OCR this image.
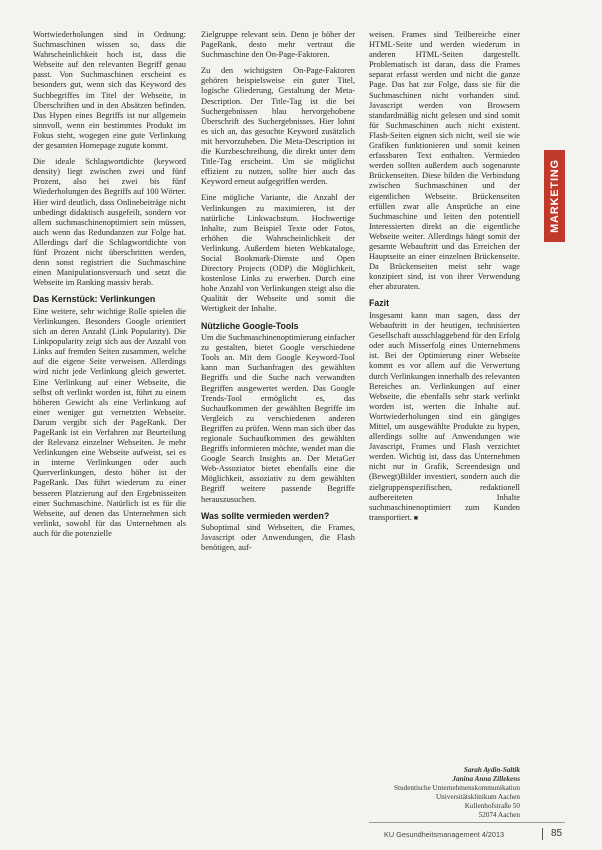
Wortwiederholungen sind in Ordnung: Suchmaschinen wissen so, dass die Wahrscheinlichkeit hoch ist, dass die Webseite auf den relevanten Begriff genau passt. Von Suchmaschinen erscheint es besonders gut, wenn sich das Keyword des Suchbegriffes im Titel der Webseite, in Überschriften und in den Absätzen befinden. Das Hypen eines Begriffs ist nur allgemein sinnvoll, wenn ein bestimmtes Produkt im Fokus steht, wogegen eine gute Verlinkung der gesamten Homepage zugute kommt.

Die ideale Schlagwortdichte (keyword density) liegt zwischen zwei und fünf Prozent, also bei zwei bis fünf Wiederholungen des Begriffs auf 100 Wörter. Hier wird deutlich, dass Onlinebeiträge nicht unbedingt didaktisch ausgefeilt, sondern vor allem suchmaschinenoptimiert sein müssen, auch wenn das Redundanzen zur Folge hat. Allerdings darf die Schlagwortdichte von fünf Prozent nicht überschritten werden, denn sonst registriert die Suchmaschine einen Manipulationsversuch und setzt die Webseite im Ranking massiv herab.

Das Kernstück: Verlinkungen

Eine weitere, sehr wichtige Rolle spielen die Verlinkungen. Besonders Google orientiert sich an deren Anzahl (Link Popularity). Die Linkpopularity zeigt sich aus der Anzahl von Links auf fremden Seiten zusammen, welche auf die eigene Seite verweisen. Allerdings wird nicht jede Verlinkung gleich gewertet. Eine Verlinkung auf einer Webseite, die selbst oft verlinkt worden ist, führt zu einem höheren Gewicht als eine Verlinkung auf einer weniger gut vernetzten Webseite. Darum vergibt sich der PageRank. Der PageRank ist ein Verfahren zur Beurteilung der Relevanz einzelner Webseiten. Je mehr Verlinkungen eine Webseite aufweist, sei es in interne Verlinkungen oder auch Querverlinkungen, desto höher ist der PageRank. Das führt wiederum zu einer besseren Platzierung auf den Ergebnisseiten einer Suchmaschine. Natürlich ist es für die Webseite, auf denen das Unternehmen sich verlinkt, sowohl für das Unternehmen als auch für die potenzielle

Zielgruppe relevant sein. Denn je höher der PageRank, desto mehr vertraut die Suchmaschine den On-Page-Faktoren.

Zu den wichtigsten On-Page-Faktoren gehören beispielsweise ein guter Titel, logische Gliederung, Gestaltung der Meta-Description. Der Title-Tag ist die bei Suchergebnissen blau hervorgehobene Überschrift des Suchergebnisses. Hier lohnt es sich an, das gesuchte Keyword zusätzlich mit hervorzuheben. Die Meta-Description ist die Kurzbeschreibung, die direkt unter dem Title-Tag erscheint. Um sie möglichst effizient zu nutzen, sollte hier auch das Keyword erneut aufgegriffen werden.

Eine mögliche Variante, die Anzahl der Verlinkungen zu maximieren, ist der natürliche Linkwachstum. Hochwertige Inhalte, zum Beispiel Texte oder Fotos, erhöhen die Wahrscheinlichkeit der Verlinkung. Außerdem bieten Webkataloge, Social Bookmark-Dienste und Open Directory Projects (ODP) die Möglichkeit, kostenlose Links zu erwerben. Durch eine hohe Anzahl von Verlinkungen steigt also die Qualität der Webseite und somit die Wertigkeit der Inhalte.

Nützliche Google-Tools

Um die Suchmaschinenoptimierung einfacher zu gestalten, bietet Google verschiedene Tools an. Mit dem Google Keyword-Tool kann man Suchanfragen des gewählten Begriffs und die Suche nach verwandten Begriffen ausgewertet werden. Das Google Trends-Tool ermöglicht es, das Suchaufkommen der gewählten Begriffe im Vergleich zu verschiedenen anderen Begriffen zu prüfen. Wenn man sich über das regionale Suchaufkommen des gewählten Begriffs informieren möchte, wendet man die Google Search Insights an. Der MetaGer Web-Assoziator bietet ebenfalls eine die Möglichkeit, assoziativ zu dem gewählten Begriff weitere passende Begriffe herauszusuchen.

Was sollte vermieden werden?

Suboptimal sind Webseiten, die Frames, Javascript oder Anwendungen, die Flash benötigen, auf-

weisen. Frames sind Teilbereiche einer HTML-Seite und werden wiederum in anderen HTML-Seiten dargestellt. Problematisch ist daran, dass die Frames separat erfasst werden und nicht die ganze Page. Das hat zur Folge, dass sie für die Suchmaschinen nicht vorhanden sind. Javascript werden von Browsern standardmäßig nicht gelesen und sind somit für Suchmaschinen auch nicht existent. Flash-Seiten eignen sich nicht, weil sie wie Grafiken funktionieren und somit keinen erfassbaren Text enthalten. Vermieden werden sollten außerdem auch sogenannte Brückenseiten. Diese bilden die Verbindung zwischen Suchmaschinen und der eigentlichen Webseite. Brückenseiten erfüllen zwar alle Ansprüche an eine Suchmaschine und leiten den potentiell Interessierten direkt an die eigentliche Webseite weiter. Allerdings hängt somit der gesamte Webauftritt und das Erreichen der Hauptseite an einer einzelnen Brückenseite. Da Brückenseiten meist sehr wage konzipiert sind, ist von ihrer Verwendung eher abzuraten.

Fazit

Insgesamt kann man sagen, dass der Webauftritt in der heutigen, technisierten Gesellschaft ausschlaggebend für den Erfolg oder auch Misserfolg eines Unternehmens ist. Bei der Optimierung einer Webseite kommt es vor allem auf die Verwertung durch Verlinkungen innerhalb des relevanten Bereiches an. Verlinkungen auf einer Webseite, die ebenfalls sehr stark verlinkt worden ist, werten die Inhalte auf. Wortwiederholungen sind ein gängiges Mittel, um ausgewählte Produkte zu hypen, allerdings sollte auf Anwendungen wie Javascript, Frames und Flash verzichtet werden. Wichtig ist, dass das Unternehmen nicht nur in Grafik, Screendesign und (Bewegt)Bilder investiert, sondern auch die zielgruppenspezifischen, redaktionell aufbereiteten Inhalte suchmaschinenoptimiert zum Kunden transportiert. ■

Sarah Aydin-Saltik
Janina Anna Zillekens
Studentische Unternehmenskommunikation
Universitätsklinikum Aachen
Kullenhofstraße 50
52074 Aachen
MARKETING
KU Gesundheitsmanagement 4/2013	85
